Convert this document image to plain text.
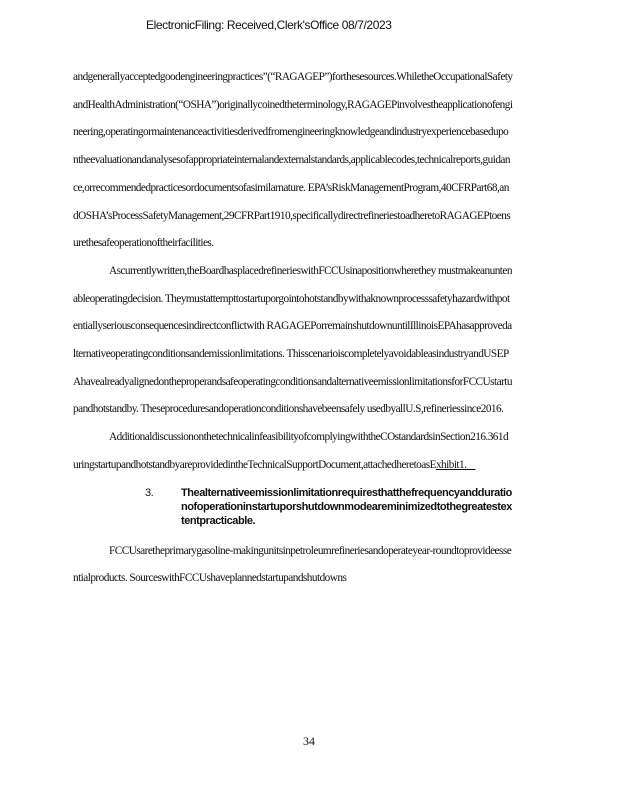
ElectronicFiling: Received,Clerk'sOffice 08/7/2023

andgenerallyacceptedgoodengineeringpractices”(“RAGAGEP”)forthesesources.WhiletheOccupationalSafetyandHealthAdministration(“OSHA”)originallycoinedtheterminology,RAGAGEPinvolvestheapplicationofengineering,operatingormaintenanceactivitiesderivedfromengineeringknowledgeandindustryexperiencebasedupontheevaluationandanalysesofappropriateinternalandexternalstandards,applicablecodes,technicalreports,guidance,orrecommendedpracticesordocumentsofasimilarnature. EPA’sRiskManagementProgram,40CFRPart68,andOSHA’sProcessSafetyManagement,29CFRPart1910,specificallydirectrefineriestoadheretoRAGAGEPtoensurethesafeoperationoftheirfacilities.

Ascurrentlywritten,theBoardhasplacedrefinerieswithFCCUsinapositionwherethey mustmakeanuntenableoperatingdecision. Theymustattempttostartuporgointohotstandbywithaknownprocesssafetyhazardwithpotentiallyseriousconsequencesindirectconflictwith RAGAGEPorremainshutdownuntilIllinoisEPAhasapprovedalternativeoperatingconditionsandemissionlimitations. ThisscenarioiscompletelyavoidableasindustryandUSEPAhavealreadyalignedontheproperandsafeoperatingconditionsandalternativeemissionlimitationsforFCCUstartupandhotstandby. Theseproceduresandoperationconditionshavebeensafely usedbyallU.S,refineriessince2016.

AdditionaldiscussiononthetechnicalinfeasibilityofcomplyingwiththeCOstandardsinSection216.361duringstartupandhotstandbyareprovidedintheTechnicalSupportDocument,attachedheretoasExhibit1.

3.	Thealternativeemissionlimitationrequiresthatthefrequencyanddurationofoperationinstartuporshutdownmodeareminimizedtothegreatestextentpracticable.

FCCUsaretheprimarygasoline-makingunitsinpetroleumrefineriesandoperateyear-roundtoprovideessentialproducts. SourceswithFCCUshaveplannedstartupandshutdowns

34
